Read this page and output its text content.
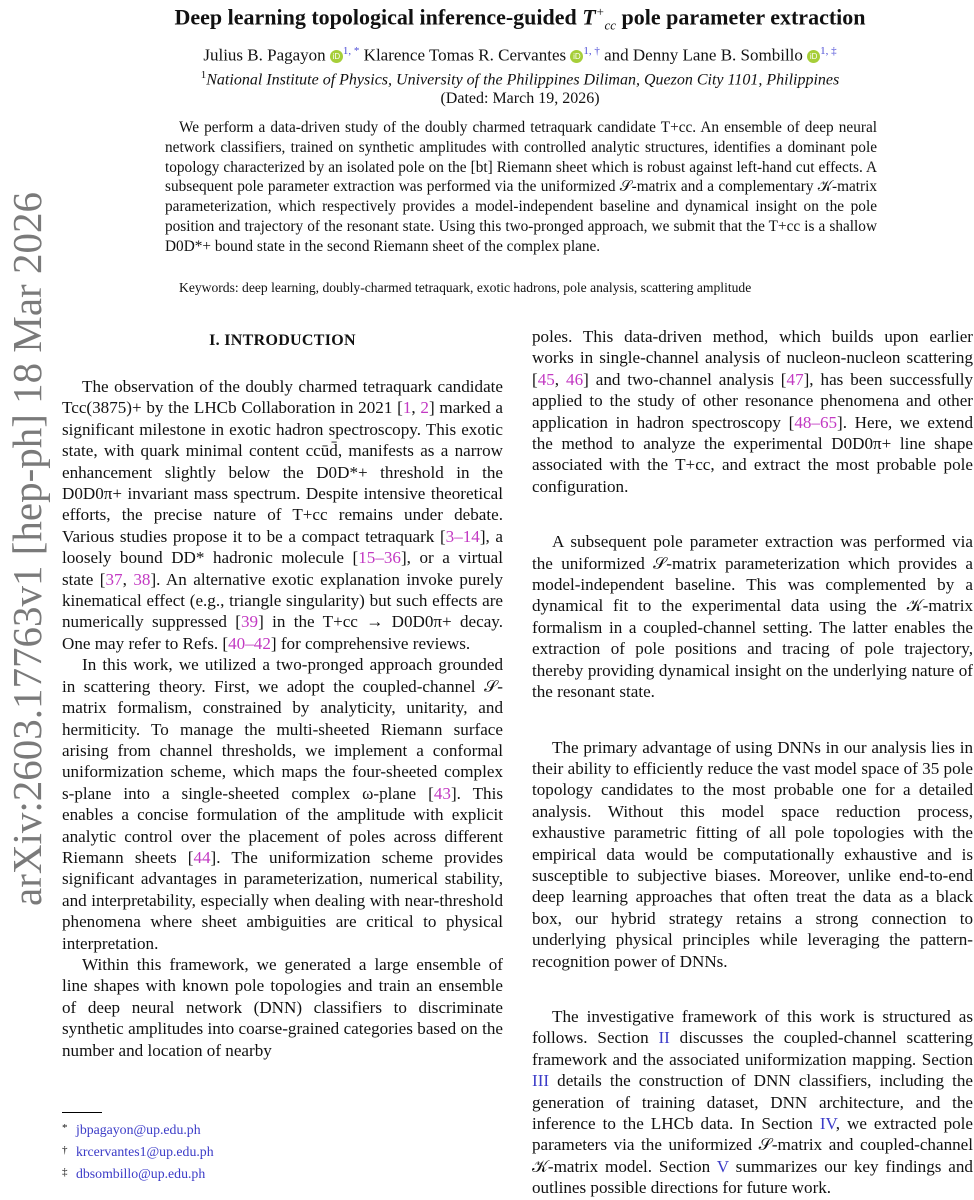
arXiv:2603.17763v1 [hep-ph] 18 Mar 2026
Deep learning topological inference-guided $T^+_{cc}$ pole parameter extraction
Julius B. Pagayon iD $^{1, *}$ Klarence Tomas R. Cervantes iD $^{1, \dagger}$ and Denny Lane B. Sombillo iD $^{1, \ddagger}$
$^1$National Institute of Physics, University of the Philippines Diliman, Quezon City 1101, Philippines
(Dated: March 19, 2026)

We perform a data-driven study of the doubly charmed tetraquark candidate T+cc. An ensemble of deep neural network classifiers, trained on synthetic amplitudes with controlled analytic structures, identifies a dominant pole topology characterized by an isolated pole on the [bt] Riemann sheet which is robust against left-hand cut effects. A subsequent pole parameter extraction was performed via the uniformized 𝒮-matrix and a complementary 𝒦-matrix parameterization, which respectively provides a model-independent baseline and dynamical insight on the pole position and trajectory of the resonant state. Using this two-pronged approach, we submit that the T+cc is a shallow D0D*+ bound state in the second Riemann sheet of the complex plane.

Keywords: deep learning, doubly-charmed tetraquark, exotic hadrons, pole analysis, scattering amplitude

I. INTRODUCTION

The observation of the doubly charmed tetraquark candidate Tcc(3875)+ by the LHCb Collaboration in 2021 [1, 2] marked a significant milestone in exotic hadron spectroscopy. This exotic state, with quark minimal content ccūd̄, manifests as a narrow enhancement slightly below the D0D*+ threshold in the D0D0π+ invariant mass spectrum. Despite intensive theoretical efforts, the precise nature of T+cc remains under debate. Various studies propose it to be a compact tetraquark [3–14], a loosely bound DD* hadronic molecule [15–36], or a virtual state [37, 38]. An alternative exotic explanation invoke purely kinematical effect (e.g., triangle singularity) but such effects are numerically suppressed [39] in the T+cc → D0D0π+ decay. One may refer to Refs. [40–42] for comprehensive reviews.

In this work, we utilized a two-pronged approach grounded in scattering theory. First, we adopt the coupled-channel 𝒮-matrix formalism, constrained by analyticity, unitarity, and hermiticity. To manage the multi-sheeted Riemann surface arising from channel thresholds, we implement a conformal uniformization scheme, which maps the four-sheeted complex s-plane into a single-sheeted complex ω-plane [43]. This enables a concise formulation of the amplitude with explicit analytic control over the placement of poles across different Riemann sheets [44]. The uniformization scheme provides significant advantages in parameterization, numerical stability, and interpretability, especially when dealing with near-threshold phenomena where sheet ambiguities are critical to physical interpretation.

Within this framework, we generated a large ensemble of line shapes with known pole topologies and train an ensemble of deep neural network (DNN) classifiers to discriminate synthetic amplitudes into coarse-grained categories based on the number and location of nearby

poles. This data-driven method, which builds upon earlier works in single-channel analysis of nucleon-nucleon scattering [45, 46] and two-channel analysis [47], has been successfully applied to the study of other resonance phenomena and other application in hadron spectroscopy [48–65]. Here, we extend the method to analyze the experimental D0D0π+ line shape associated with the T+cc, and extract the most probable pole configuration.

A subsequent pole parameter extraction was performed via the uniformized 𝒮-matrix parameterization which provides a model-independent baseline. This was complemented by a dynamical fit to the experimental data using the 𝒦-matrix formalism in a coupled-channel setting. The latter enables the extraction of pole positions and tracing of pole trajectory, thereby providing dynamical insight on the underlying nature of the resonant state.

The primary advantage of using DNNs in our analysis lies in their ability to efficiently reduce the vast model space of 35 pole topology candidates to the most probable one for a detailed analysis. Without this model space reduction process, exhaustive parametric fitting of all pole topologies with the empirical data would be computationally exhaustive and is susceptible to subjective biases. Moreover, unlike end-to-end deep learning approaches that often treat the data as a black box, our hybrid strategy retains a strong connection to underlying physical principles while leveraging the pattern-recognition power of DNNs.

The investigative framework of this work is structured as follows. Section II discusses the coupled-channel scattering framework and the associated uniformization mapping. Section III details the construction of DNN classifiers, including the generation of training dataset, DNN architecture, and the inference to the LHCb data. In Section IV, we extracted pole parameters via the uniformized 𝒮-matrix and coupled-channel 𝒦-matrix model. Section V summarizes our key findings and outlines possible directions for future work.

* jbpagayon@up.edu.ph
† krcervantes1@up.edu.ph
‡ dbsombillo@up.edu.ph
